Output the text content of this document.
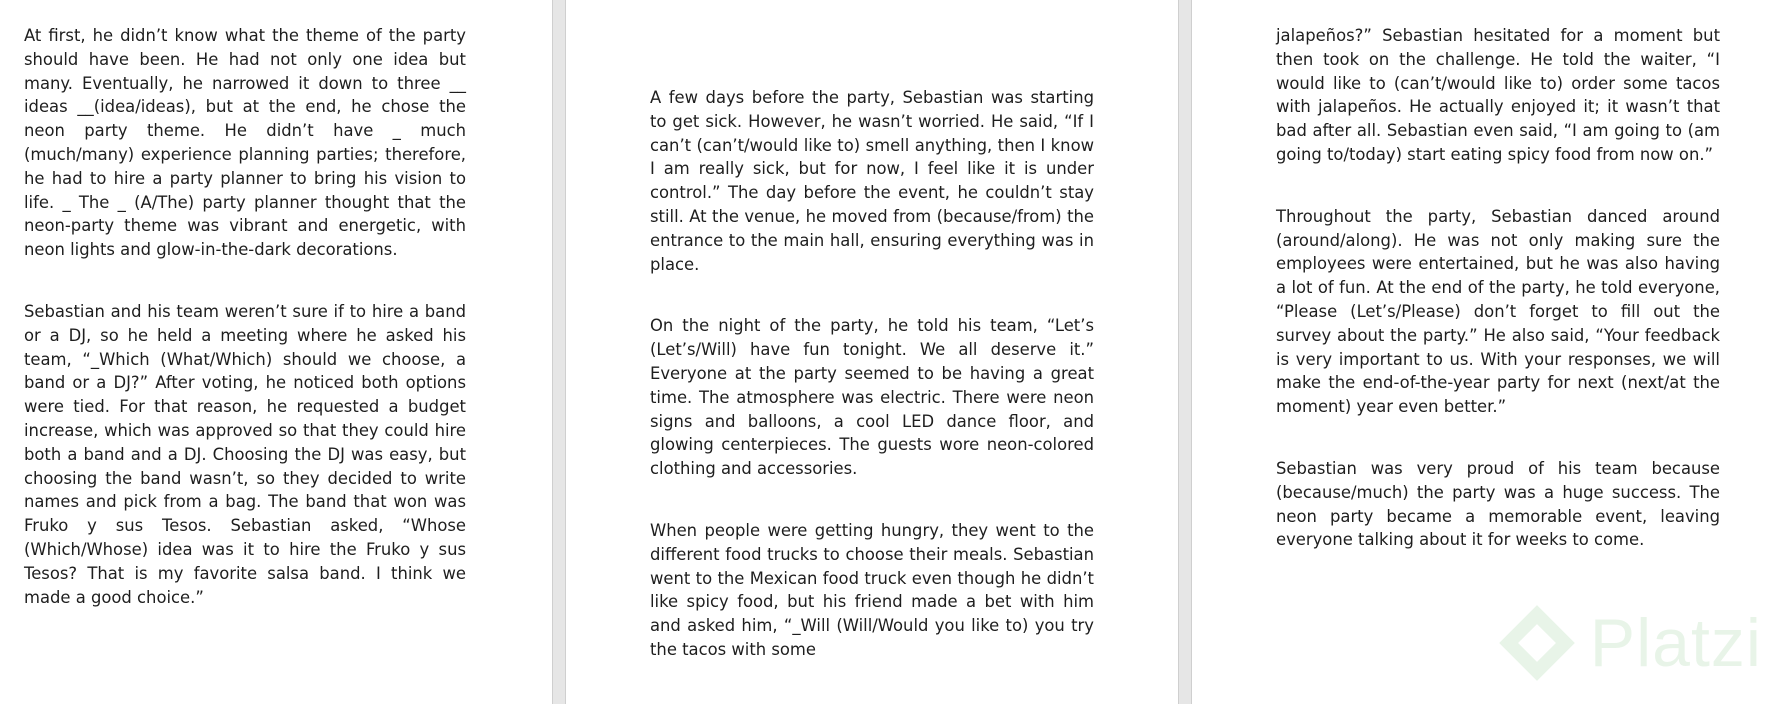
At first, he didn’t know what the theme of the party should have been. He had not only one idea but many. Eventually, he narrowed it down to three __ ideas __(idea/ideas), but at the end, he chose the neon party theme. He didn’t have _ much (much/many) experience planning parties; therefore, he had to hire a party planner to bring his vision to life. _ The _ (A/The) party planner thought that the neon-party theme was vibrant and energetic, with neon lights and glow-in-the-dark decorations.

Sebastian and his team weren’t sure if to hire a band or a DJ, so he held a meeting where he asked his team, “_Which (What/Which) should we choose, a band or a DJ?” After voting, he noticed both options were tied. For that reason, he requested a budget increase, which was approved so that they could hire both a band and a DJ. Choosing the DJ was easy, but choosing the band wasn’t, so they decided to write names and pick from a bag. The band that won was Fruko y sus Tesos. Sebastian asked, “Whose (Which/Whose) idea was it to hire the Fruko y sus Tesos? That is my favorite salsa band. I think we made a good choice.”

A few days before the party, Sebastian was starting to get sick. However, he wasn’t worried. He said, “If I can’t (can’t/would like to) smell anything, then I know I am really sick, but for now, I feel like it is under control.” The day before the event, he couldn’t stay still. At the venue, he moved from (because/from) the entrance to the main hall, ensuring everything was in place.

On the night of the party, he told his team, “Let’s (Let’s/Will) have fun tonight. We all deserve it.” Everyone at the party seemed to be having a great time. The atmosphere was electric. There were neon signs and balloons, a cool LED dance floor, and glowing centerpieces. The guests wore neon-colored clothing and accessories.

When people were getting hungry, they went to the different food trucks to choose their meals. Sebastian went to the Mexican food truck even though he didn’t like spicy food, but his friend made a bet with him and asked him, “_Will (Will/Would you like to) you try the tacos with some

jalapeños?” Sebastian hesitated for a moment but then took on the challenge. He told the waiter, “I would like to (can’t/would like to) order some tacos with jalapeños. He actually enjoyed it; it wasn’t that bad after all. Sebastian even said, “I am going to (am going to/today) start eating spicy food from now on.”

Throughout the party, Sebastian danced around (around/along). He was not only making sure the employees were entertained, but he was also having a lot of fun. At the end of the party, he told everyone, “Please (Let’s/Please) don’t forget to fill out the survey about the party.” He also said, “Your feedback is very important to us. With your responses, we will make the end-of-the-year party for next (next/at the moment) year even better.”

Sebastian was very proud of his team because (because/much) the party was a huge success. The neon party became a memorable event, leaving everyone talking about it for weeks to come.

Platzi
